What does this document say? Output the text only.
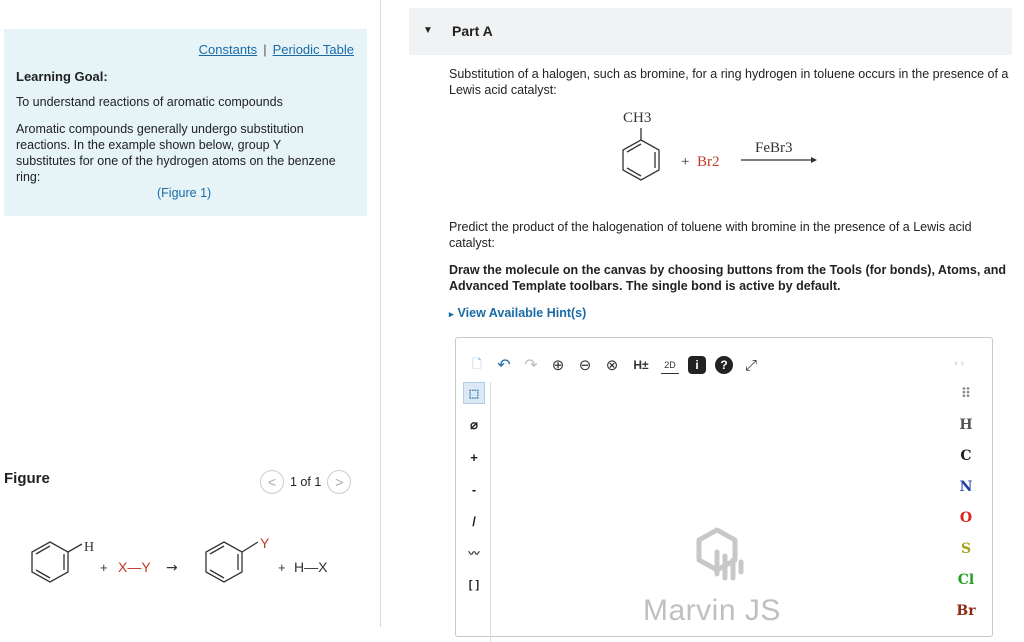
Constants | Periodic Table
Learning Goal:
To understand reactions of aromatic compounds
Aromatic compounds generally undergo substitution reactions. In the example shown below, group Y substitutes for one of the hydrogen atoms on the benzene ring:
(Figure 1)
Figure	<	1 of 1 >
H
+ X—Y →
Y
+ H—X
▼ Part A
Substitution of a halogen, such as bromine, for a ring hydrogen in toluene occurs in the presence of a Lewis acid catalyst:
CH3
+ Br2
FeBr3
Predict the product of the halogenation of toluene with bromine in the presence of a Lewis acid catalyst:
Draw the molecule on the canvas by choosing buttons from the Tools (for bonds), Atoms, and Advanced Template toolbars. The single bond is active by default.
▸ View Available Hint(s)
🗋 ↶ ↷ ⊕ ⊖ ⊗ H±	2D	i	?	⤢	‹ ›
⬚
⌀
+
-
/
〰
[ ]
Marvin JS
⠿
H
C
N
O
S
Cl
Br
